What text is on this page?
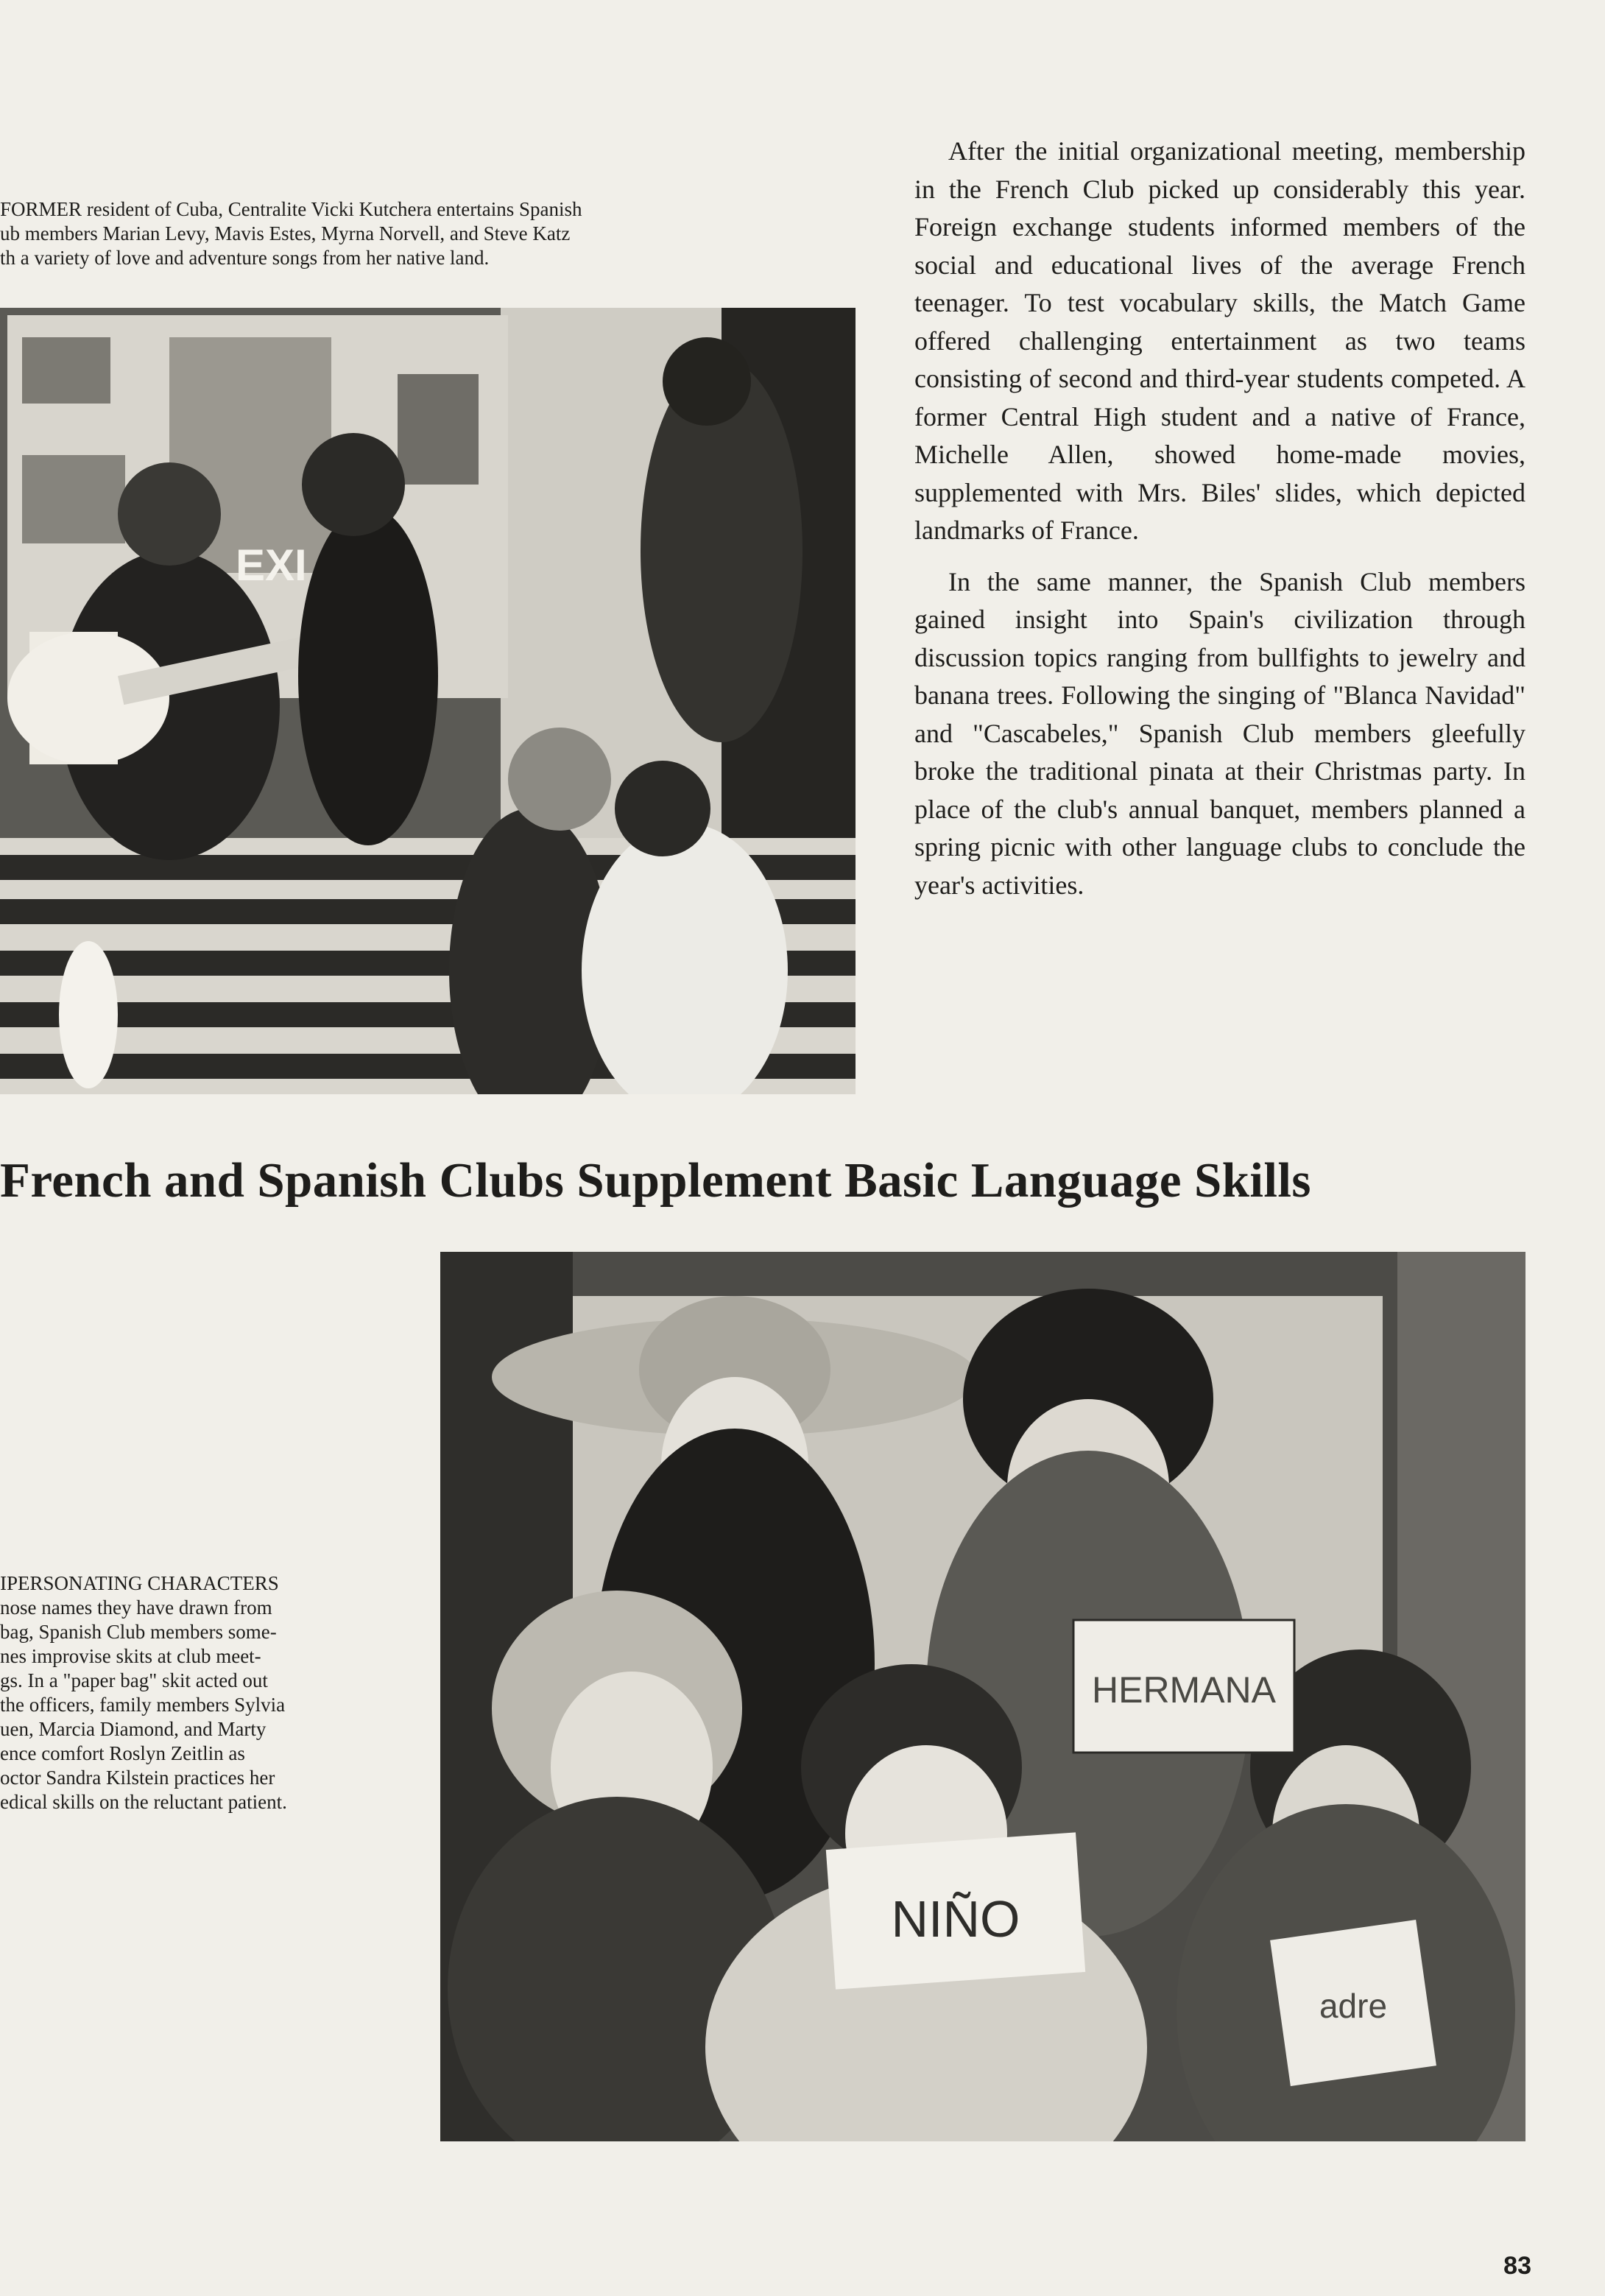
FORMER resident of Cuba, Centralite Vicki Kutchera entertains Spanish
ub members Marian Levy, Mavis Estes, Myrna Norvell, and Steve Katz
th a variety of love and adventure songs from her native land.
EXI

After the initial organizational meeting, membership in the French Club picked up considerably this year. Foreign exchange students informed members of the social and educational lives of the average French teenager. To test vocabulary skills, the Match Game offered challenging entertainment as two teams consisting of second and third-year students competed. A former Central High student and a native of France, Michelle Allen, showed home-made movies, supplemented with Mrs. Biles' slides, which depicted landmarks of France.

In the same manner, the Spanish Club members gained insight into Spain's civilization through discussion topics ranging from bullfights to jewelry and banana trees. Following the singing of "Blanca Navidad" and "Cascabeles," Spanish Club members gleefully broke the traditional pinata at their Christmas party. In place of the club's annual banquet, members planned a spring picnic with other language clubs to conclude the year's activities.

French and Spanish Clubs Supplement Basic Language Skills
IPERSONATING CHARACTERS
nose names they have drawn from
bag, Spanish Club members some-
nes improvise skits at club meet-
gs. In a "paper bag" skit acted out
the officers, family members Sylvia
uen, Marcia Diamond, and Marty
ence comfort Roslyn Zeitlin as
octor Sandra Kilstein practices her
edical skills on the reluctant patient.
HERMANA
NIÑO
adre
83
